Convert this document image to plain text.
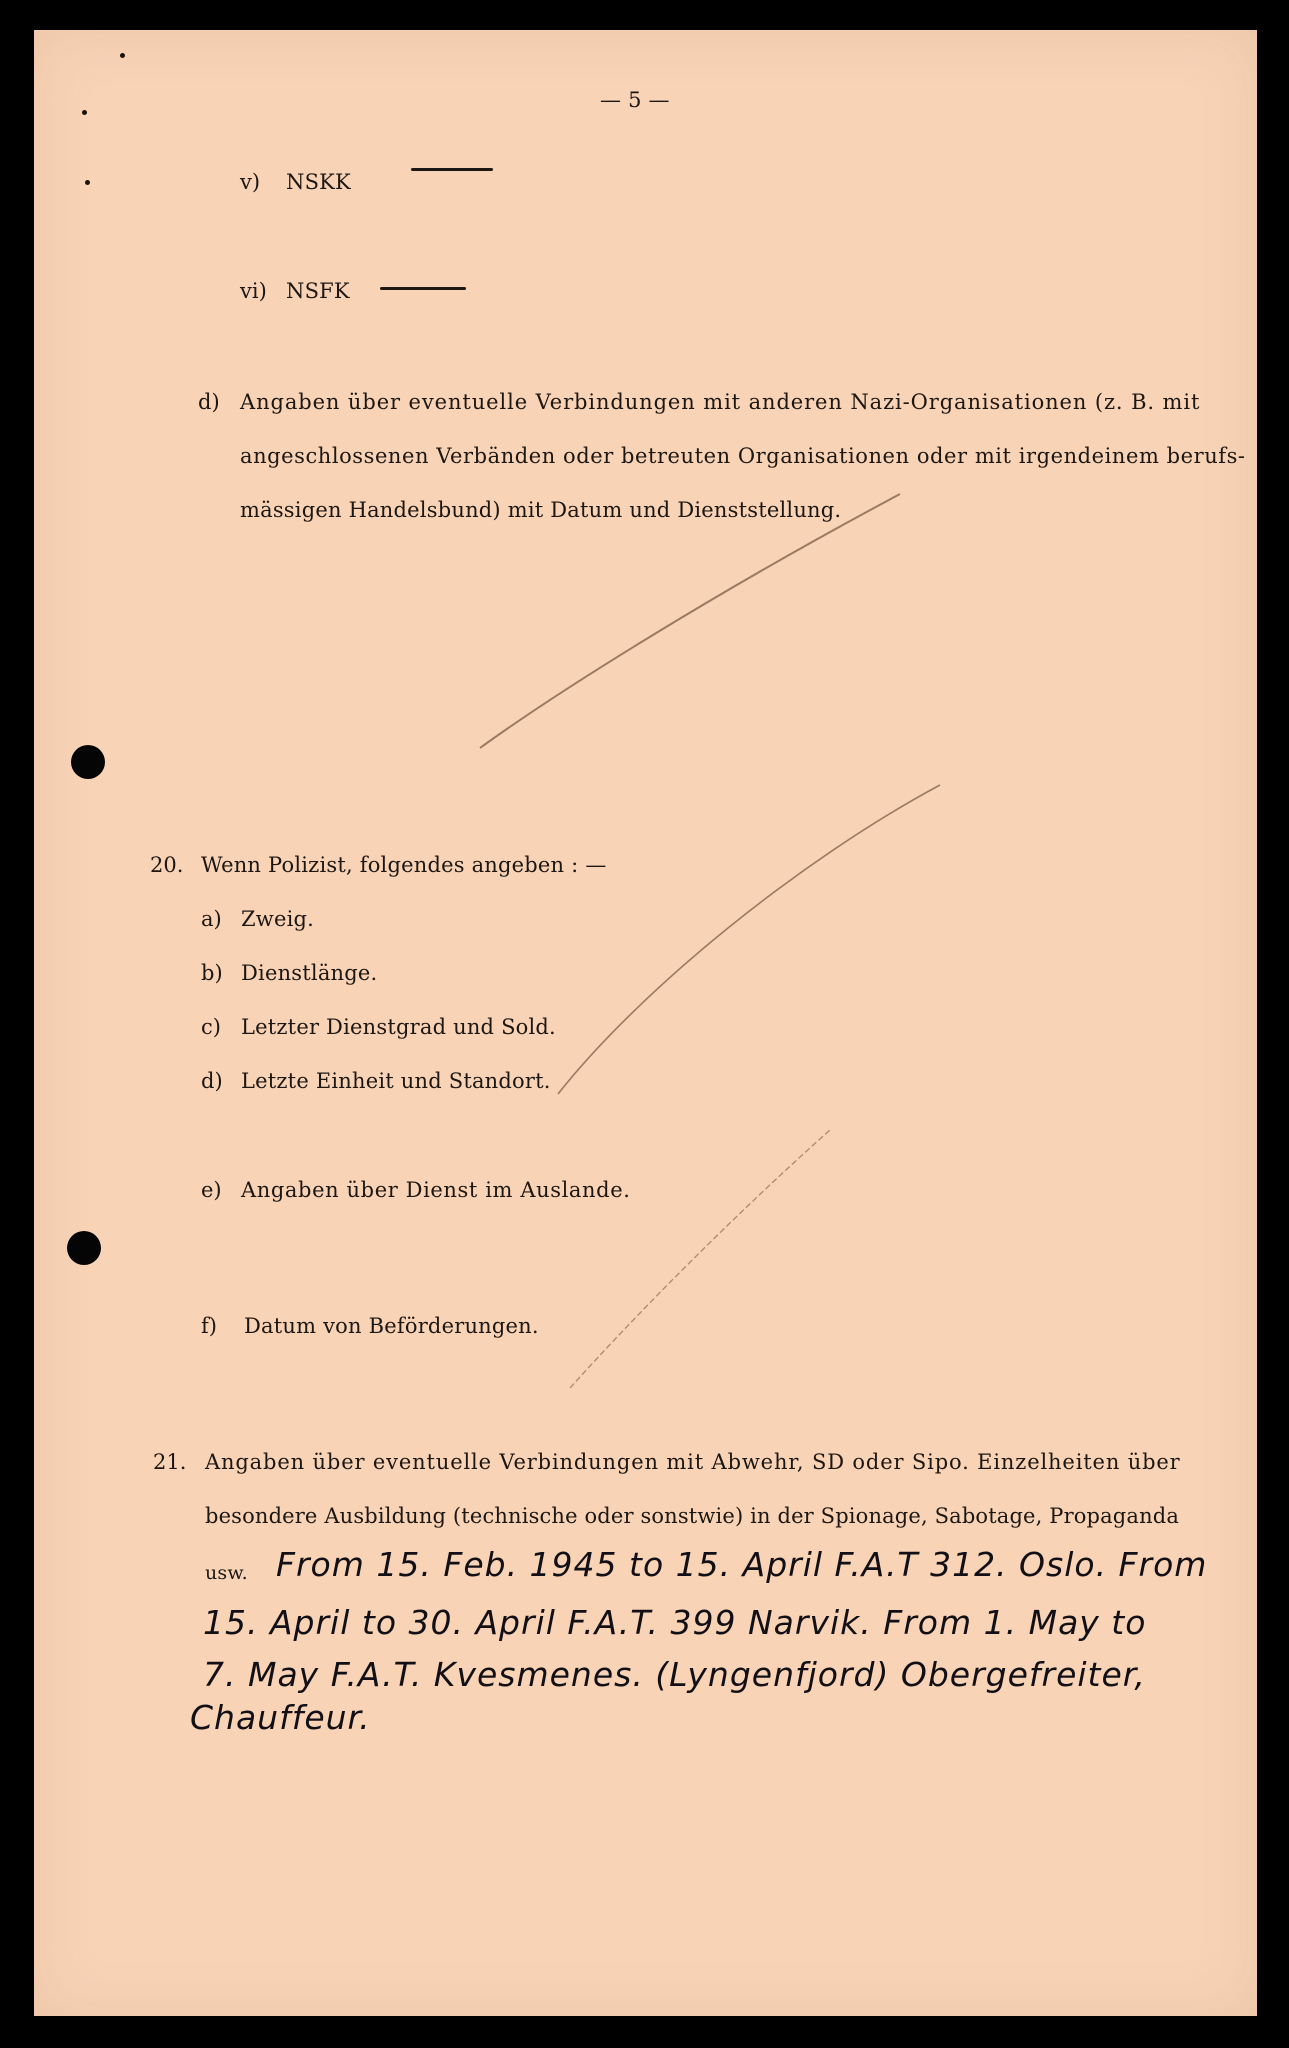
— 5 —
v) NSKK
vi) NSFK
d) Angaben über eventuelle Verbindungen mit anderen Nazi-Organisationen (z. B. mit
angeschlossenen Verbänden oder betreuten Organisationen oder mit irgendeinem berufs-
mässigen Handelsbund) mit Datum und Dienststellung.
20. Wenn Polizist, folgendes angeben : —
a) Zweig.
b) Dienstlänge.
c) Letzter Dienstgrad und Sold.
d) Letzte Einheit und Standort.
e) Angaben über Dienst im Auslande.
f) Datum von Beförderungen.
21. Angaben über eventuelle Verbindungen mit Abwehr, SD oder Sipo. Einzelheiten über
besondere Ausbildung (technische oder sonstwie) in der Spionage, Sabotage, Propaganda
usw. From 15. Feb. 1945 to 15. April F.A.T 312. Oslo. From
15. April to 30. April F.A.T. 399 Narvik. From 1. May to
7. May F.A.T. Kvesmenes. (Lyngenfjord) Obergefreiter,
Chauffeur.
